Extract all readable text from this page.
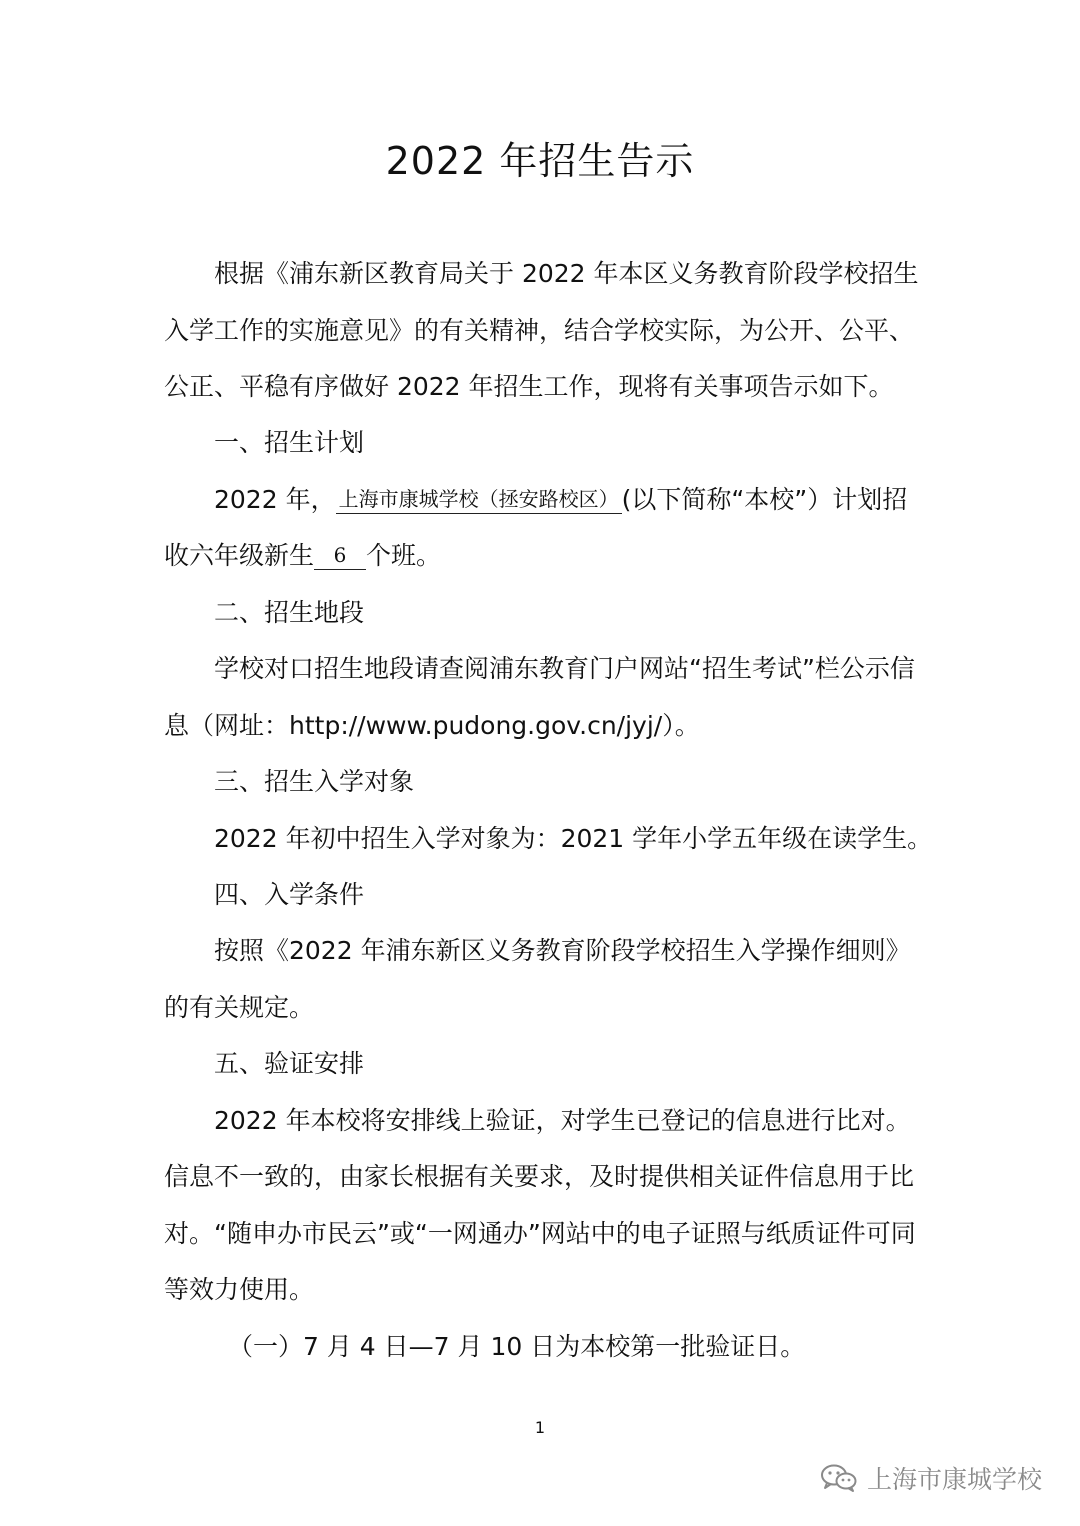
2022 年招生告示
根据《浦东新区教育局关于 2022 年本区义务教育阶段学校招生
入学工作的实施意见》的有关精神，结合学校实际，为公开、公平、
公正、平稳有序做好 2022 年招生工作，现将有关事项告示如下。
一、招生计划
2022 年， 上海市康城学校（拯安路校区） (以下简称“本校”）计划招
收六年级新生 6 个班。
二、招生地段
学校对口招生地段请查阅浦东教育门户网站“招生考试”栏公示信
息（网址：http://www.pudong.gov.cn/jyj/）。
三、招生入学对象
2022 年初中招生入学对象为：2021 学年小学五年级在读学生。
四、入学条件
按照《2022 年浦东新区义务教育阶段学校招生入学操作细则》
的有关规定。
五、验证安排
2022 年本校将安排线上验证，对学生已登记的信息进行比对。
信息不一致的，由家长根据有关要求，及时提供相关证件信息用于比
对。“随申办市民云”或“一网通办”网站中的电子证照与纸质证件可同
等效力使用。
（一）7 月 4 日—7 月 10 日为本校第一批验证日。
1
上海市康城学校
